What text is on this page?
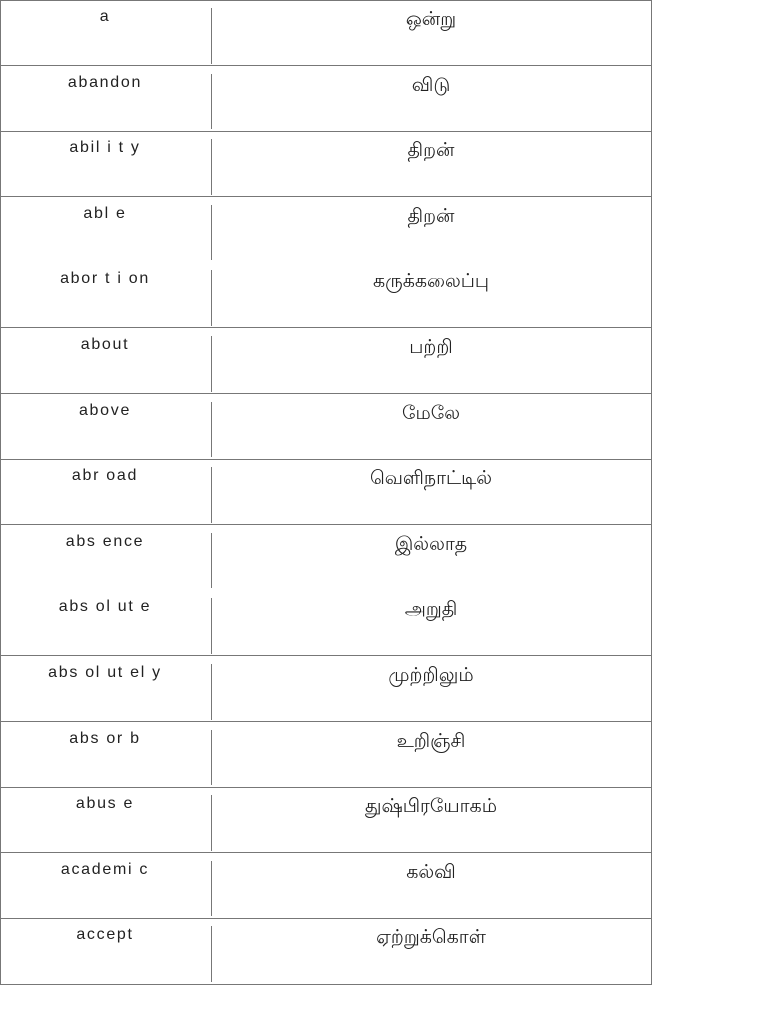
a	ஒன்று
abandon	விடு
abil i t y	திறன்
abl e	திறன்
abor t i on	கருக்கலைப்பு
about	பற்றி
above	மேலே
abr oad	வெளிநாட்டில்
abs ence	இல்லாத
abs ol ut e	அறுதி
abs ol ut el y	முற்றிலும்
abs or b	உறிஞ்சி
abus e	துஷ்பிரயோகம்
academi c	கல்வி
accept	ஏற்றுக்கொள்
